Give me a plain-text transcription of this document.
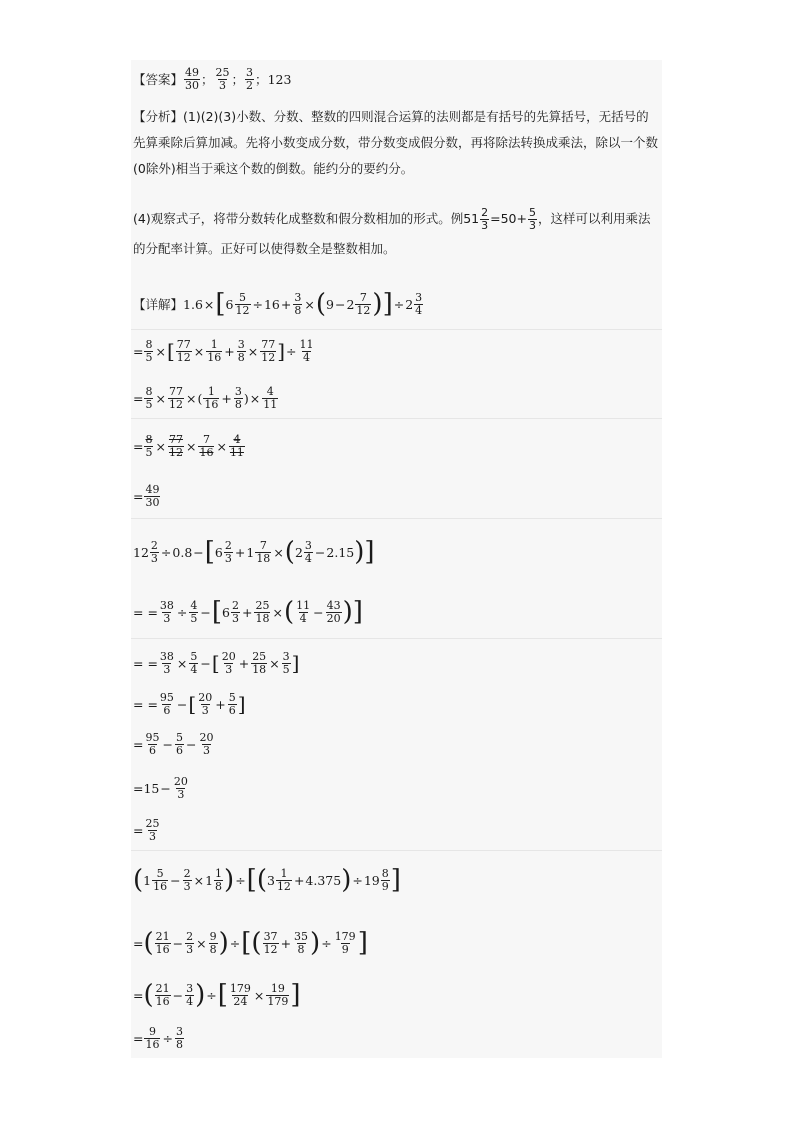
【答案】 $\frac{49}{30}$ ； $\frac{25}{3}$ ； $\frac{3}{2}$ ； 123
【分析】(1)(2)(3)小数、分数、整数的四则混合运算的法则都是有括号的先算括号，无括号的先算乘除后算加减。先将小数变成分数，带分数变成假分数，再将除法转换成乘法，除以一个数(0除外)相当于乘这个数的倒数。能约分的要约分。
(4)观察式子，将带分数转化成整数和假分数相加的形式。例$51 \frac{2}{3} =50+ \frac{5}{3}$ ，这样可以利用乘法的分配率计算。正好可以使得数全是整数相加。
【详解】 1.6 × [ $6 \frac{5}{12} \div 16 + \frac{3}{8}$ × ( $9 - 2 \frac{7}{12}$ ) ] ÷ $2 \frac{3}{4}$
= $\frac{8}{5}$ × [ $\frac{77}{12} \times \frac{1}{16} + \frac{3}{8} \times \frac{77}{12}$ ] ÷ $\frac{11}{4}$
= $\frac{8}{5} \times \frac{77}{12}$ × ( $\frac{1}{16} + \frac{3}{8}$ ) × $\frac{4}{11}$
= $\frac{8}{5} \times \frac{77}{12} \times \frac{7}{16} \times \frac{4}{11}$
= $\frac{49}{30}$
$12 \frac{2}{3} \div 0.8$ − [ $6 \frac{2}{3} + 1 \frac{7}{18}$ × ( $2 \frac{3}{4} - 2.15$ ) ]
= = $\frac{38}{3} \div \frac{4}{5}$ − [ $6 \frac{2}{3} + \frac{25}{18}$ × ( $\frac{11}{4} - \frac{43}{20}$ ) ]
= = $\frac{38}{3} \times \frac{5}{4}$ − [ $\frac{20}{3} + \frac{25}{18} \times \frac{3}{5}$ ]
= = $\frac{95}{6}$ − [ $\frac{20}{3} + \frac{5}{6}$ ]
= $\frac{95}{6} - \frac{5}{6} - \frac{20}{3}$
= $15 - \frac{20}{3}$
= $\frac{25}{3}$
( $1 \frac{5}{16} - \frac{2}{3} \times 1 \frac{1}{8}$ ) ÷ [ ( $3 \frac{1}{12} + 4.375$ ) ÷ $19 \frac{8}{9}$ ]
= ( $\frac{21}{16} - \frac{2}{3} \times \frac{9}{8}$ ) ÷ [ ( $\frac{37}{12} + \frac{35}{8}$ ) ÷ $\frac{179}{9}$ ]
= ( $\frac{21}{16} - \frac{3}{4}$ ) ÷ [ $\frac{179}{24} \times \frac{19}{179}$ ]
= $\frac{9}{16} \div \frac{3}{8}$
